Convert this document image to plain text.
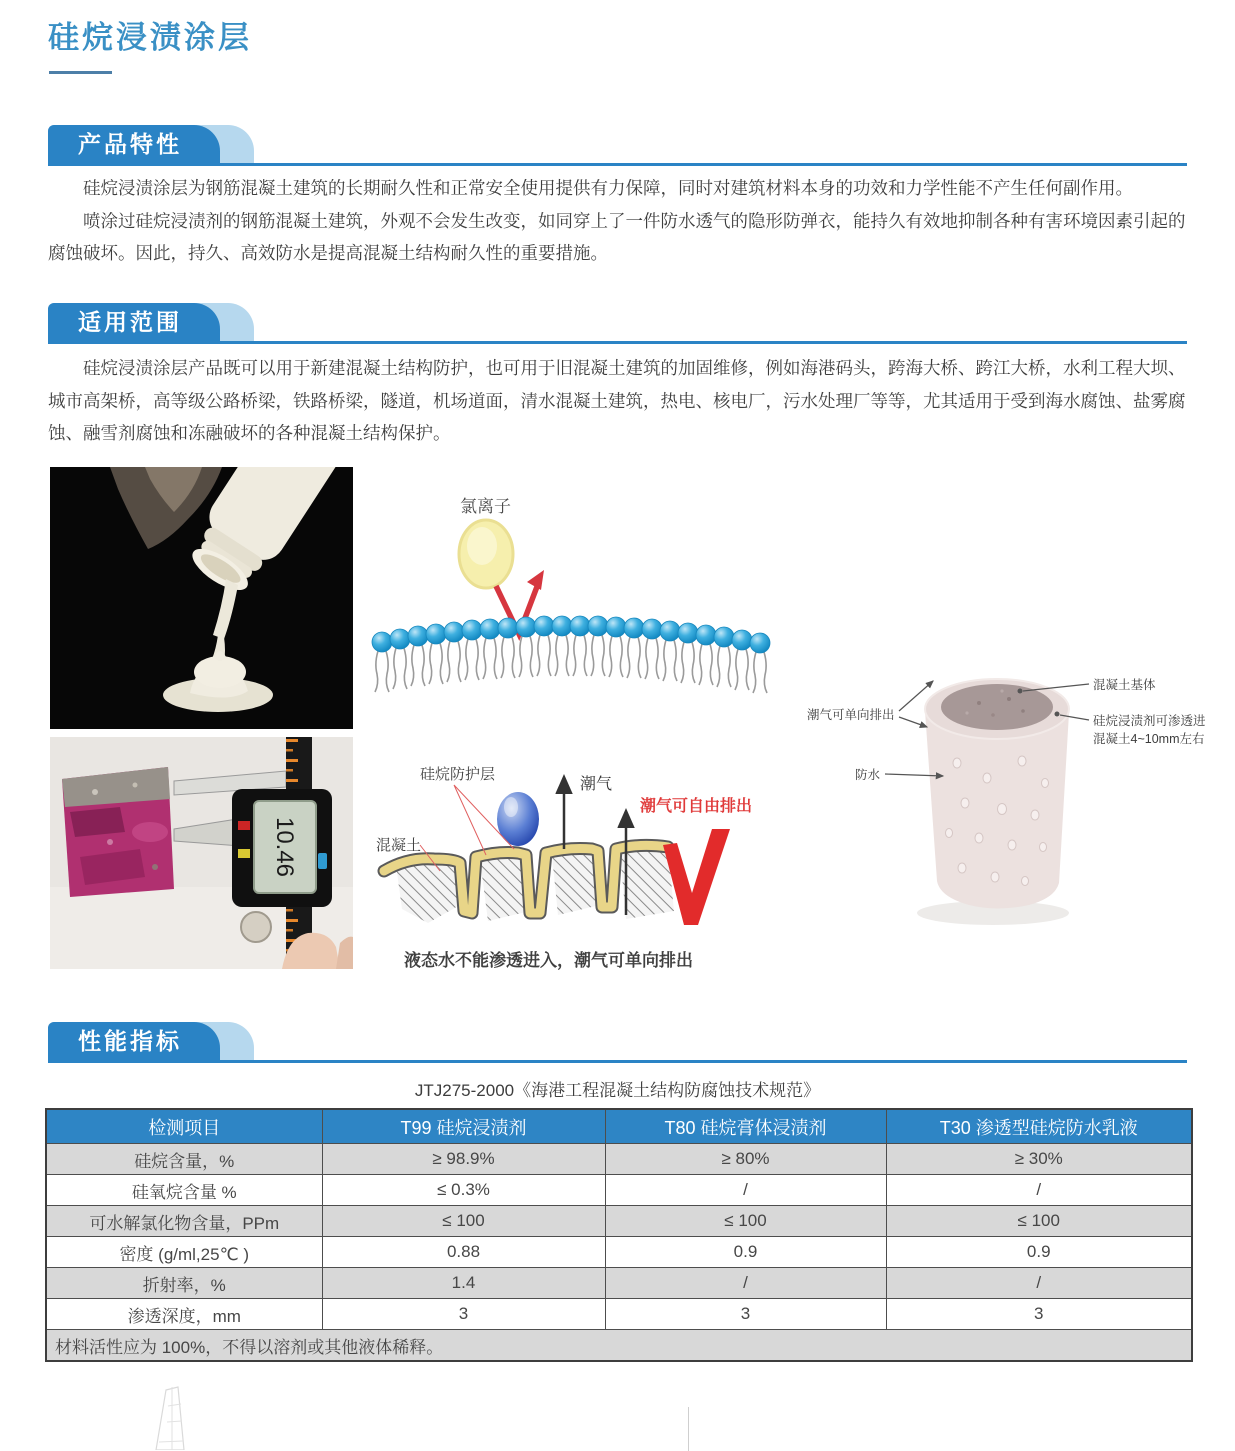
硅烷浸渍涂层
产品特性

硅烷浸渍涂层为钢筋混凝土建筑的长期耐久性和正常安全使用提供有力保障，同时对建筑材料本身的功效和力学性能不产生任何副作用。

喷涂过硅烷浸渍剂的钢筋混凝土建筑，外观不会发生改变，如同穿上了一件防水透气的隐形防弹衣，能持久有效地抑制各种有害环境因素引起的腐蚀破坏。因此，持久、高效防水是提高混凝土结构耐久性的重要措施。

适用范围

硅烷浸渍涂层产品既可以用于新建混凝土结构防护，也可用于旧混凝土建筑的加固维修，例如海港码头，跨海大桥、跨江大桥，水利工程大坝、城市高架桥，高等级公路桥梁，铁路桥梁，隧道，机场道面，清水混凝土建筑，热电、核电厂，污水处理厂等等，尤其适用于受到海水腐蚀、盐雾腐蚀、融雪剂腐蚀和冻融破坏的各种混凝土结构保护。

氯离子
潮气可单向排出
混凝土基体
硅烷浸渍剂可渗透进
混凝土4~10mm左右
防水
10.46
潮气
潮气可自由排出
硅烷防护层
混凝土
液态水不能渗透进入，潮气可单向排出
性能指标
JTJ275-2000《海港工程混凝土结构防腐蚀技术规范》
检测项目	T99 硅烷浸渍剂	T80 硅烷膏体浸渍剂	T30 渗透型硅烷防水乳液
硅烷含量，%	≥ 98.9%	≥ 80%	≥ 30%
硅氧烷含量 %	≤ 0.3%	/	/
可水解氯化物含量，PPm	≤ 100	≤ 100	≤ 100
密度 (g/ml,25℃ )	0.88	0.9	0.9
折射率，%	1.4	/	/
渗透深度，mm	3	3	3
材料活性应为 100%，不得以溶剂或其他液体稀释。			
